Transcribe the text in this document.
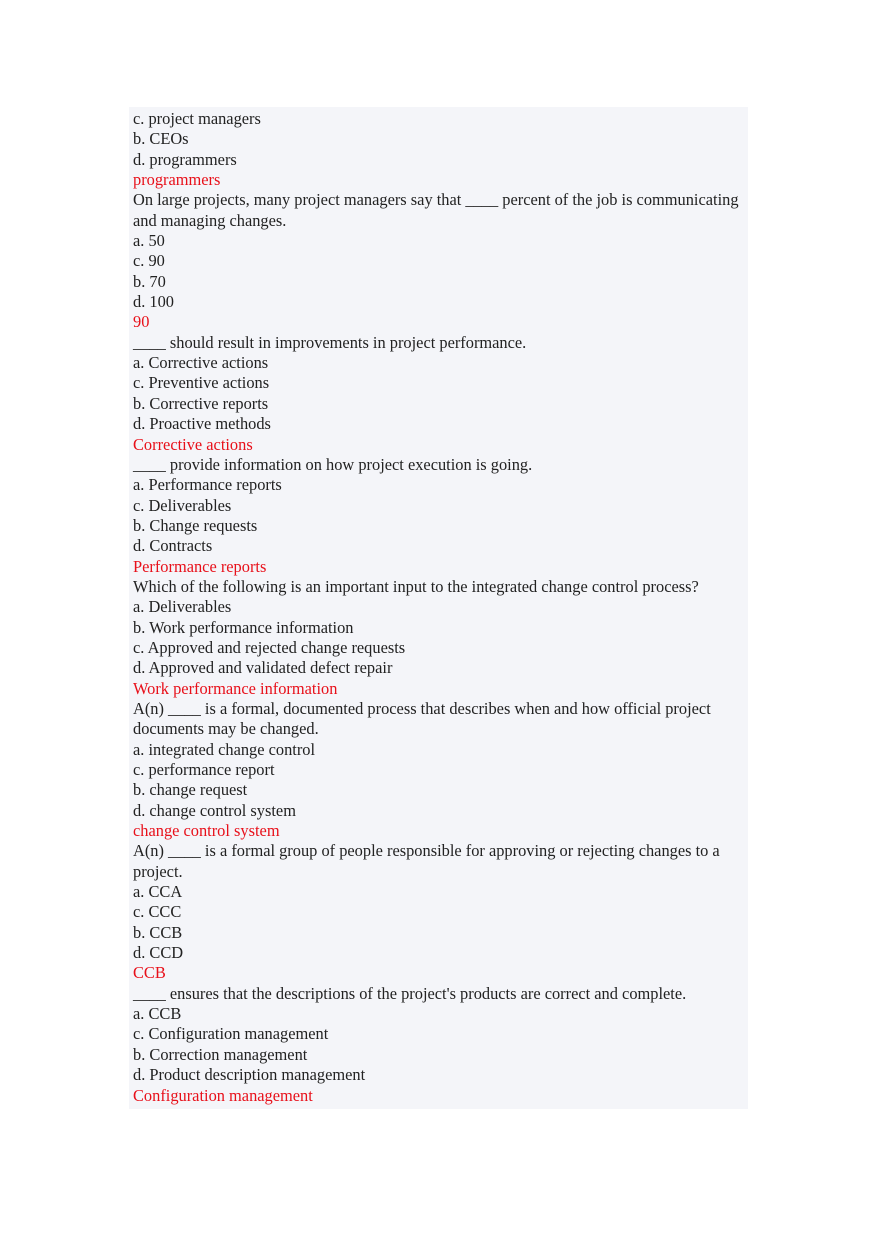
c. project managers
b. CEOs
d. programmers
programmers
On large projects, many project managers say that ____ percent of the job is communicating and managing changes.
a. 50
c. 90
b. 70
d. 100
90
____ should result in improvements in project performance.
a. Corrective actions
c. Preventive actions
b. Corrective reports
d. Proactive methods
Corrective actions
____ provide information on how project execution is going.
a. Performance reports
c. Deliverables
b. Change requests
d. Contracts
Performance reports
Which of the following is an important input to the integrated change control process?
a. Deliverables
b. Work performance information
c. Approved and rejected change requests
d. Approved and validated defect repair
Work performance information
A(n) ____ is a formal, documented process that describes when and how official project documents may be changed.
a. integrated change control
c. performance report
b. change request
d. change control system
change control system
A(n) ____ is a formal group of people responsible for approving or rejecting changes to a project.
a. CCA
c. CCC
b. CCB
d. CCD
CCB
____ ensures that the descriptions of the project's products are correct and complete.
a. CCB
c. Configuration management
b. Correction management
d. Product description management
Configuration management
